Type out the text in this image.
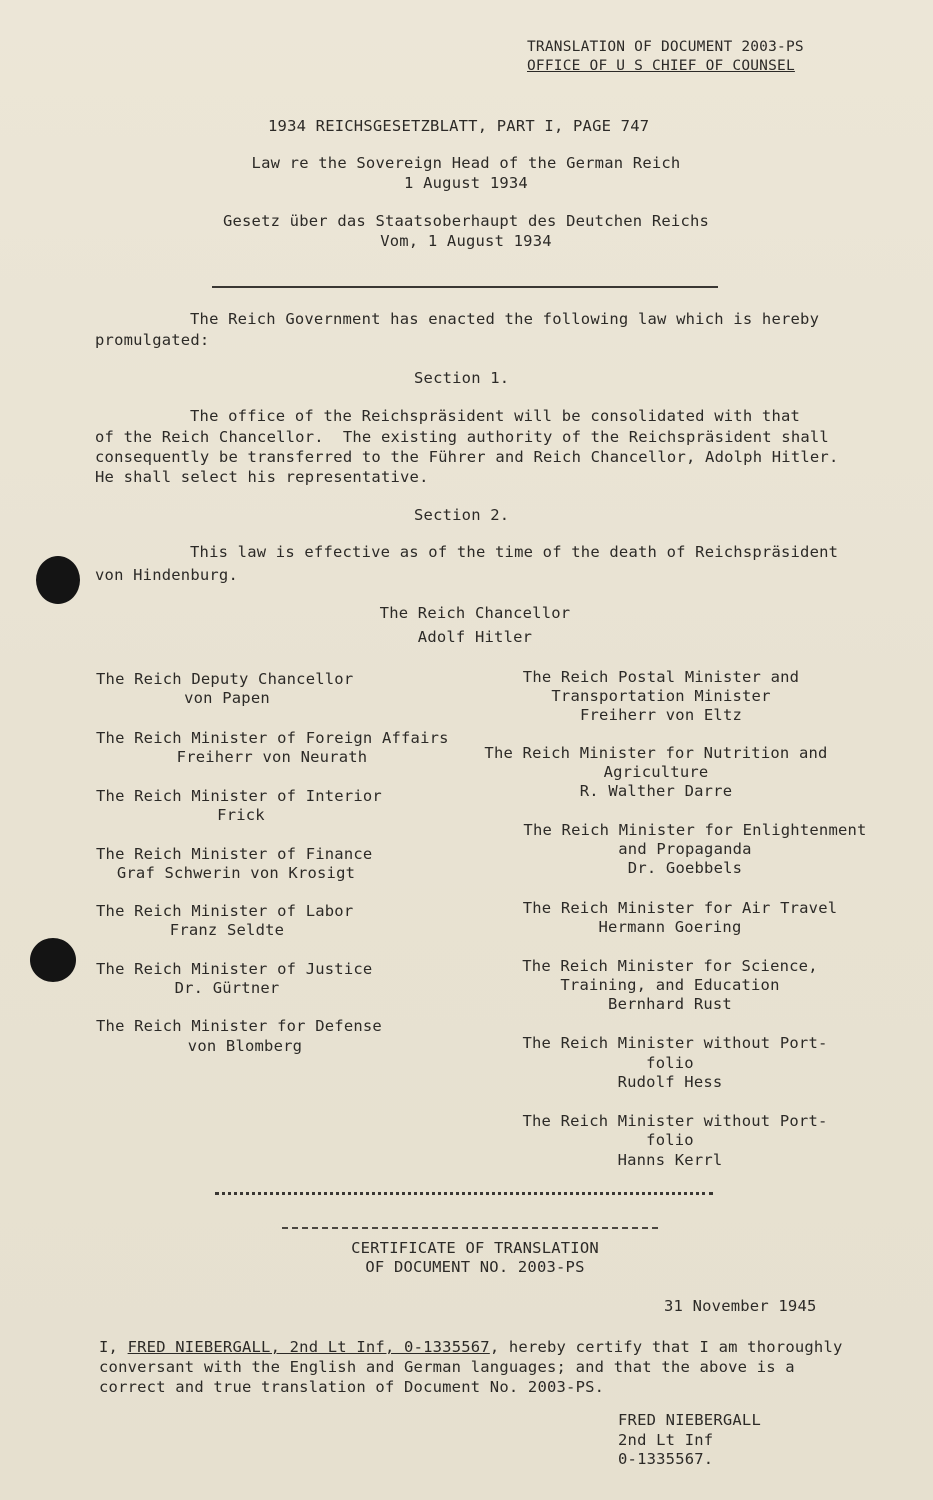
TRANSLATION OF DOCUMENT 2003-PS
OFFICE OF U S CHIEF OF COUNSEL
1934 REICHSGESETZBLATT, PART I, PAGE 747
Law re the Sovereign Head of the German Reich
1 August 1934
Gesetz über das Staatsoberhaupt des Deutchen Reichs
Vom, 1 August 1934
The Reich Government has enacted the following law which is hereby
promulgated:
Section 1.
The office of the Reichspräsident will be consolidated with that
of the Reich Chancellor.  The existing authority of the Reichspräsident shall
consequently be transferred to the Führer and Reich Chancellor, Adolph Hitler.
He shall select his representative.
Section 2.
This law is effective as of the time of the death of Reichspräsident
von Hindenburg.
The Reich Chancellor
Adolf Hitler
The Reich Deputy Chancellor
von Papen
The Reich Minister of Foreign Affairs
Freiherr von Neurath
The Reich Minister of Interior
Frick
The Reich Minister of Finance
Graf Schwerin von Krosigt
The Reich Minister of Labor
Franz Seldte
The Reich Minister of Justice
Dr. Gürtner
The Reich Minister for Defense
von Blomberg
The Reich Postal Minister and
Transportation Minister
Freiherr von Eltz
The Reich Minister for Nutrition and
Agriculture
R. Walther Darre
The Reich Minister for Enlightenment
and Propaganda
Dr. Goebbels
The Reich Minister for Air Travel
Hermann Goering
The Reich Minister for Science,
Training, and Education
Bernhard Rust
The Reich Minister without Port-
folio
Rudolf Hess
The Reich Minister without Port-
folio
Hanns Kerrl
CERTIFICATE OF TRANSLATION
OF DOCUMENT NO. 2003-PS
31 November 1945
I, FRED NIEBERGALL, 2nd Lt Inf, 0-1335567, hereby certify that I am thoroughly
conversant with the English and German languages; and that the above is a
correct and true translation of Document No. 2003-PS.
FRED NIEBERGALL
2nd Lt Inf
0-1335567.
